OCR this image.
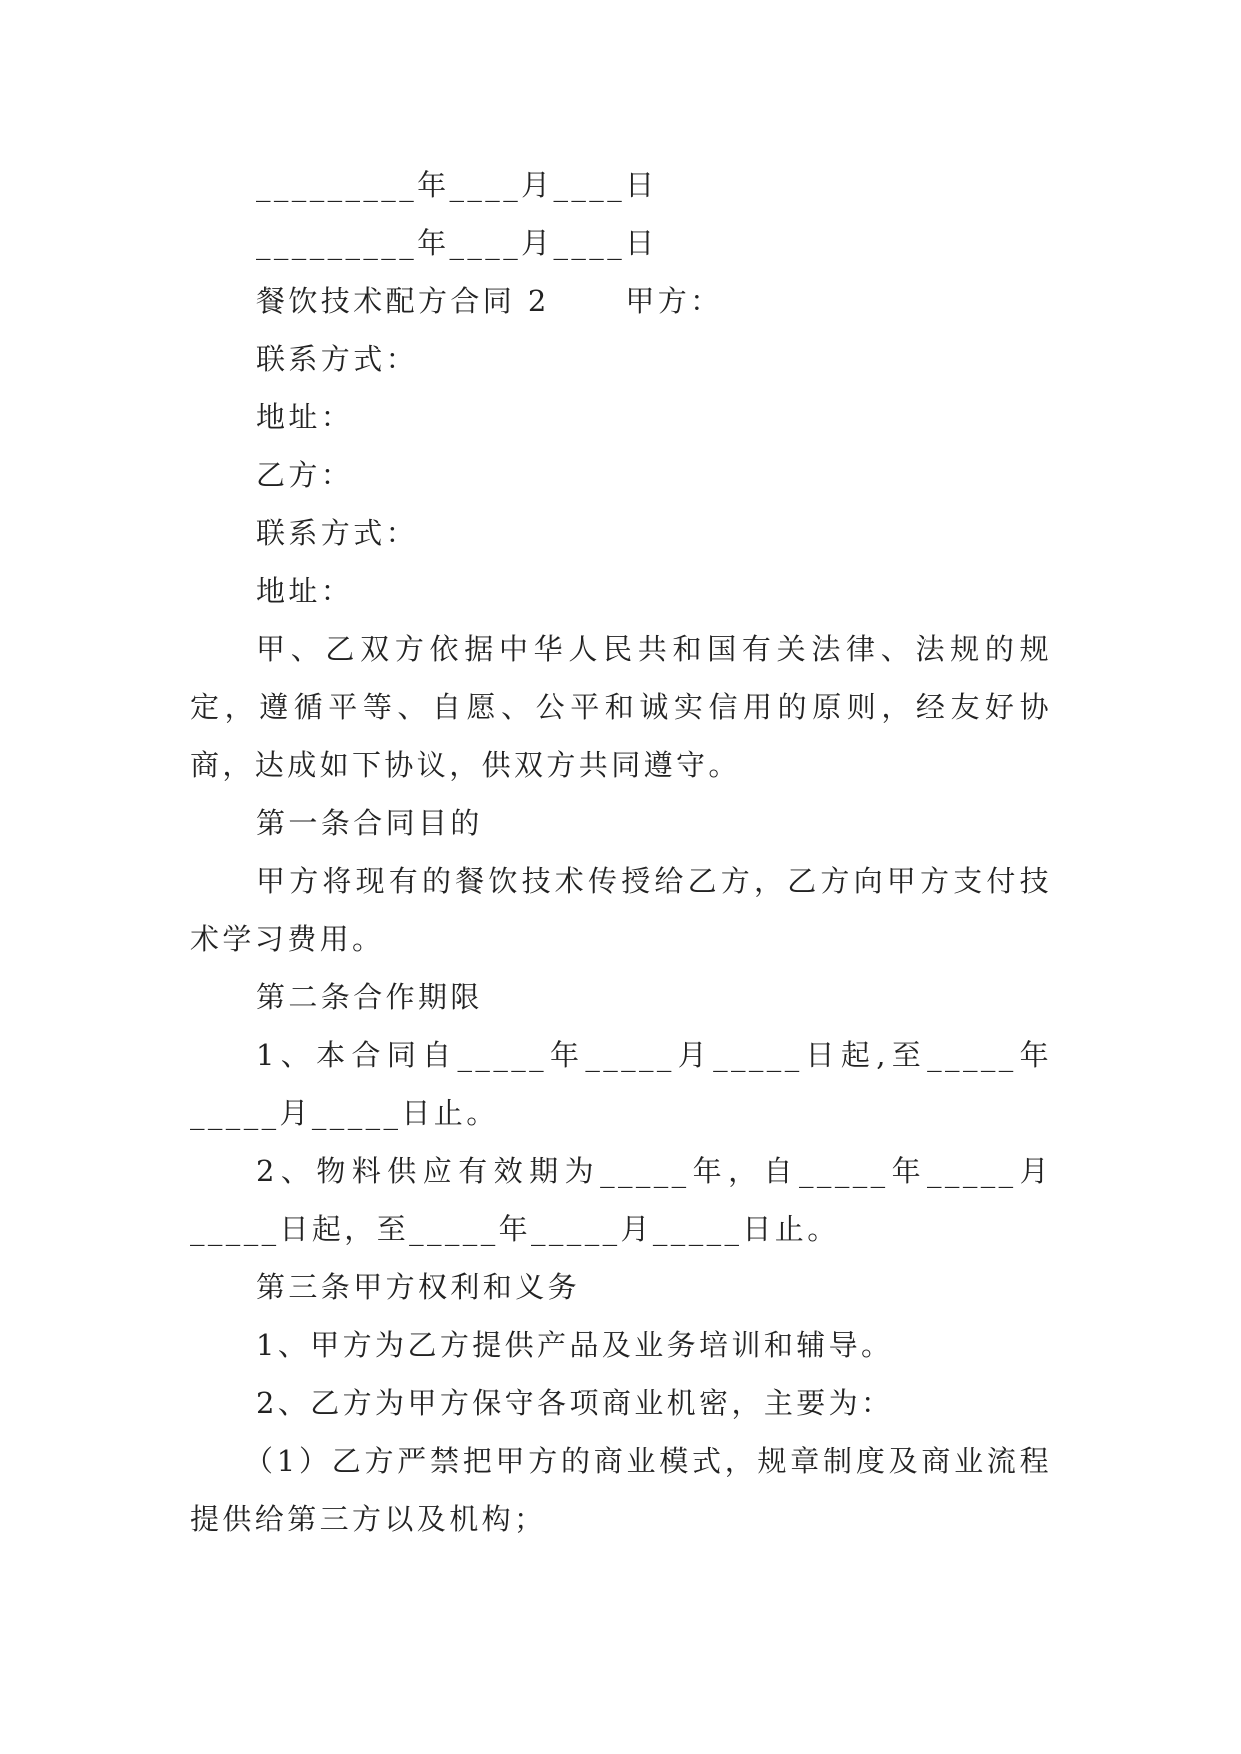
_________年____月____日
_________年____月____日
餐饮技术配方合同 2      甲方：
联系方式：
地址：
乙方：
联系方式：
地址：

甲、乙双方依据中华人民共和国有关法律、法规的规定，遵循平等、自愿、公平和诚实信用的原则，经友好协商，达成如下协议，供双方共同遵守。

第一条合同目的

甲方将现有的餐饮技术传授给乙方，乙方向甲方支付技术学习费用。

第二条合作期限

1、本合同自_____年_____月_____日起,至_____年_____月_____日止。

2、物料供应有效期为_____年，自_____年_____月_____日起，至_____年_____月_____日止。

第三条甲方权利和义务
1、甲方为乙方提供产品及业务培训和辅导。
2、乙方为甲方保守各项商业机密，主要为：

（1）乙方严禁把甲方的商业模式，规章制度及商业流程提供给第三方以及机构；
